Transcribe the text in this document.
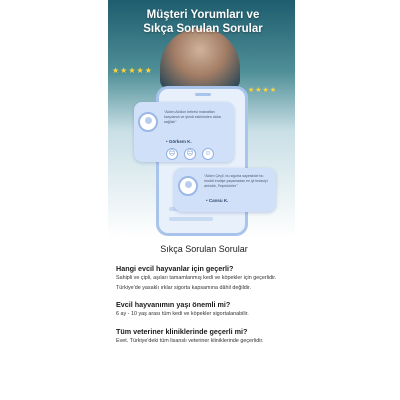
Müşteri Yorumları ve
Sıkça Sorulan Sorular
★★★★★
★★★★
"Aldım Aldıkın bebesi masrafları karşılandı ve şimdi eskisinden daha sağlıklı"
• Görkem K.
☹	😐	☺
"Aldım Çeçil, bu sigorta sayesinde bu moddi endişe yaşamadan en iyi tedaviyi aldırdık, Teşekkürler"
• Cansu K.
Sıkça Sorulan Sorular
Hangi evcil hayvanlar için geçerli?
Sahipli ve çipli, aşıları tamamlanmış kedi ve köpekler için geçerlidir.
Türkiye'de yasaklı ırklar sigorta kapsamına dâhil değildir.
Evcil hayvanımın yaşı önemli mi?
6 ay - 10 yaş arası tüm kedi ve köpekler sigortalanabilir.
Tüm veteriner kliniklerinde geçerli mi?
Evet. Türkiye'deki tüm lisanslı veteriner kliniklerinde geçerlidir.
